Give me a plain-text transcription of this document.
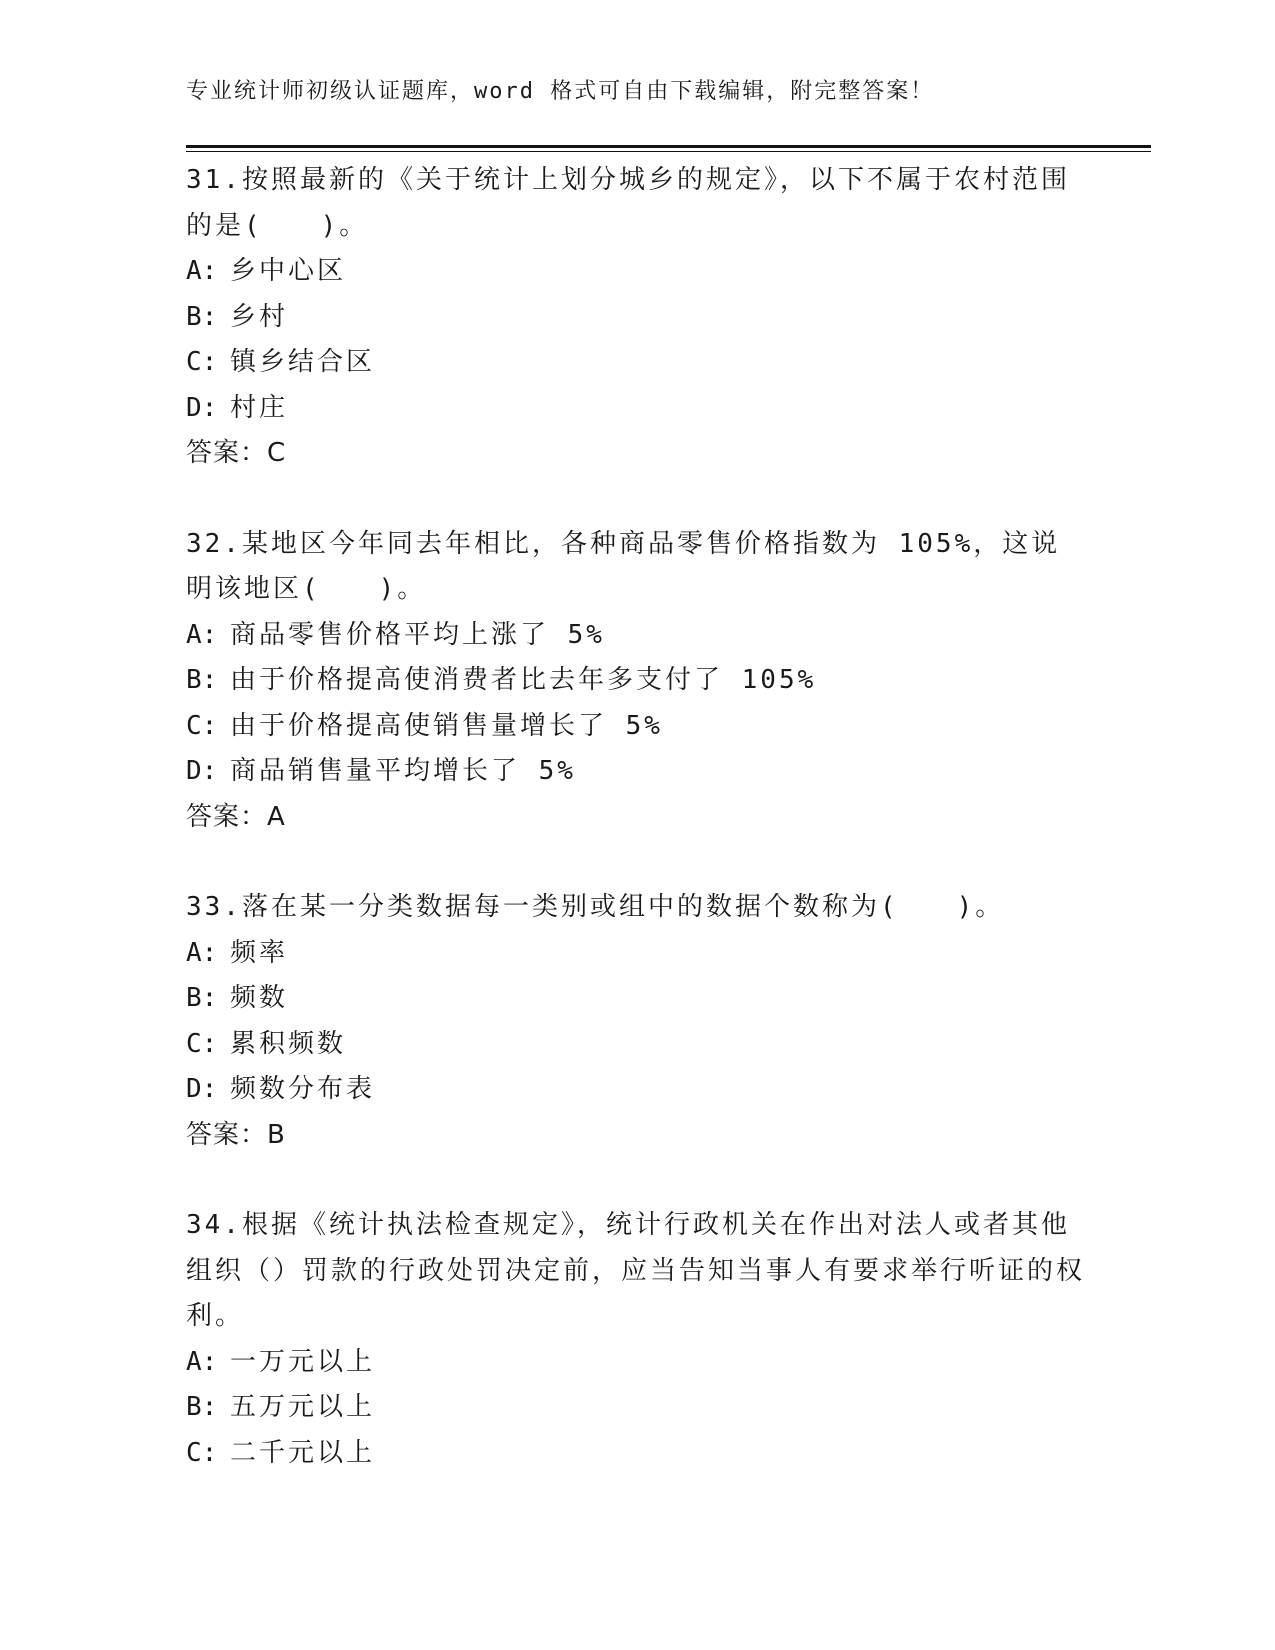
专业统计师初级认证题库，word 格式可自由下载编辑，附完整答案！

31.按照最新的《关于统计上划分城乡的规定》，以下不属于农村范围的是(　　)。

A: 乡中心区

B: 乡村

C: 镇乡结合区

D: 村庄

答案：C

32.某地区今年同去年相比，各种商品零售价格指数为 105%，这说明该地区(　　)。

A: 商品零售价格平均上涨了 5%

B: 由于价格提高使消费者比去年多支付了 105%

C: 由于价格提高使销售量增长了 5%

D: 商品销售量平均增长了 5%

答案：A

33.落在某一分类数据每一类别或组中的数据个数称为(　　)。

A: 频率

B: 频数

C: 累积频数

D: 频数分布表

答案：B

34.根据《统计执法检查规定》，统计行政机关在作出对法人或者其他组织（）罚款的行政处罚决定前，应当告知当事人有要求举行听证的权利。

A: 一万元以上

B: 五万元以上

C: 二千元以上
